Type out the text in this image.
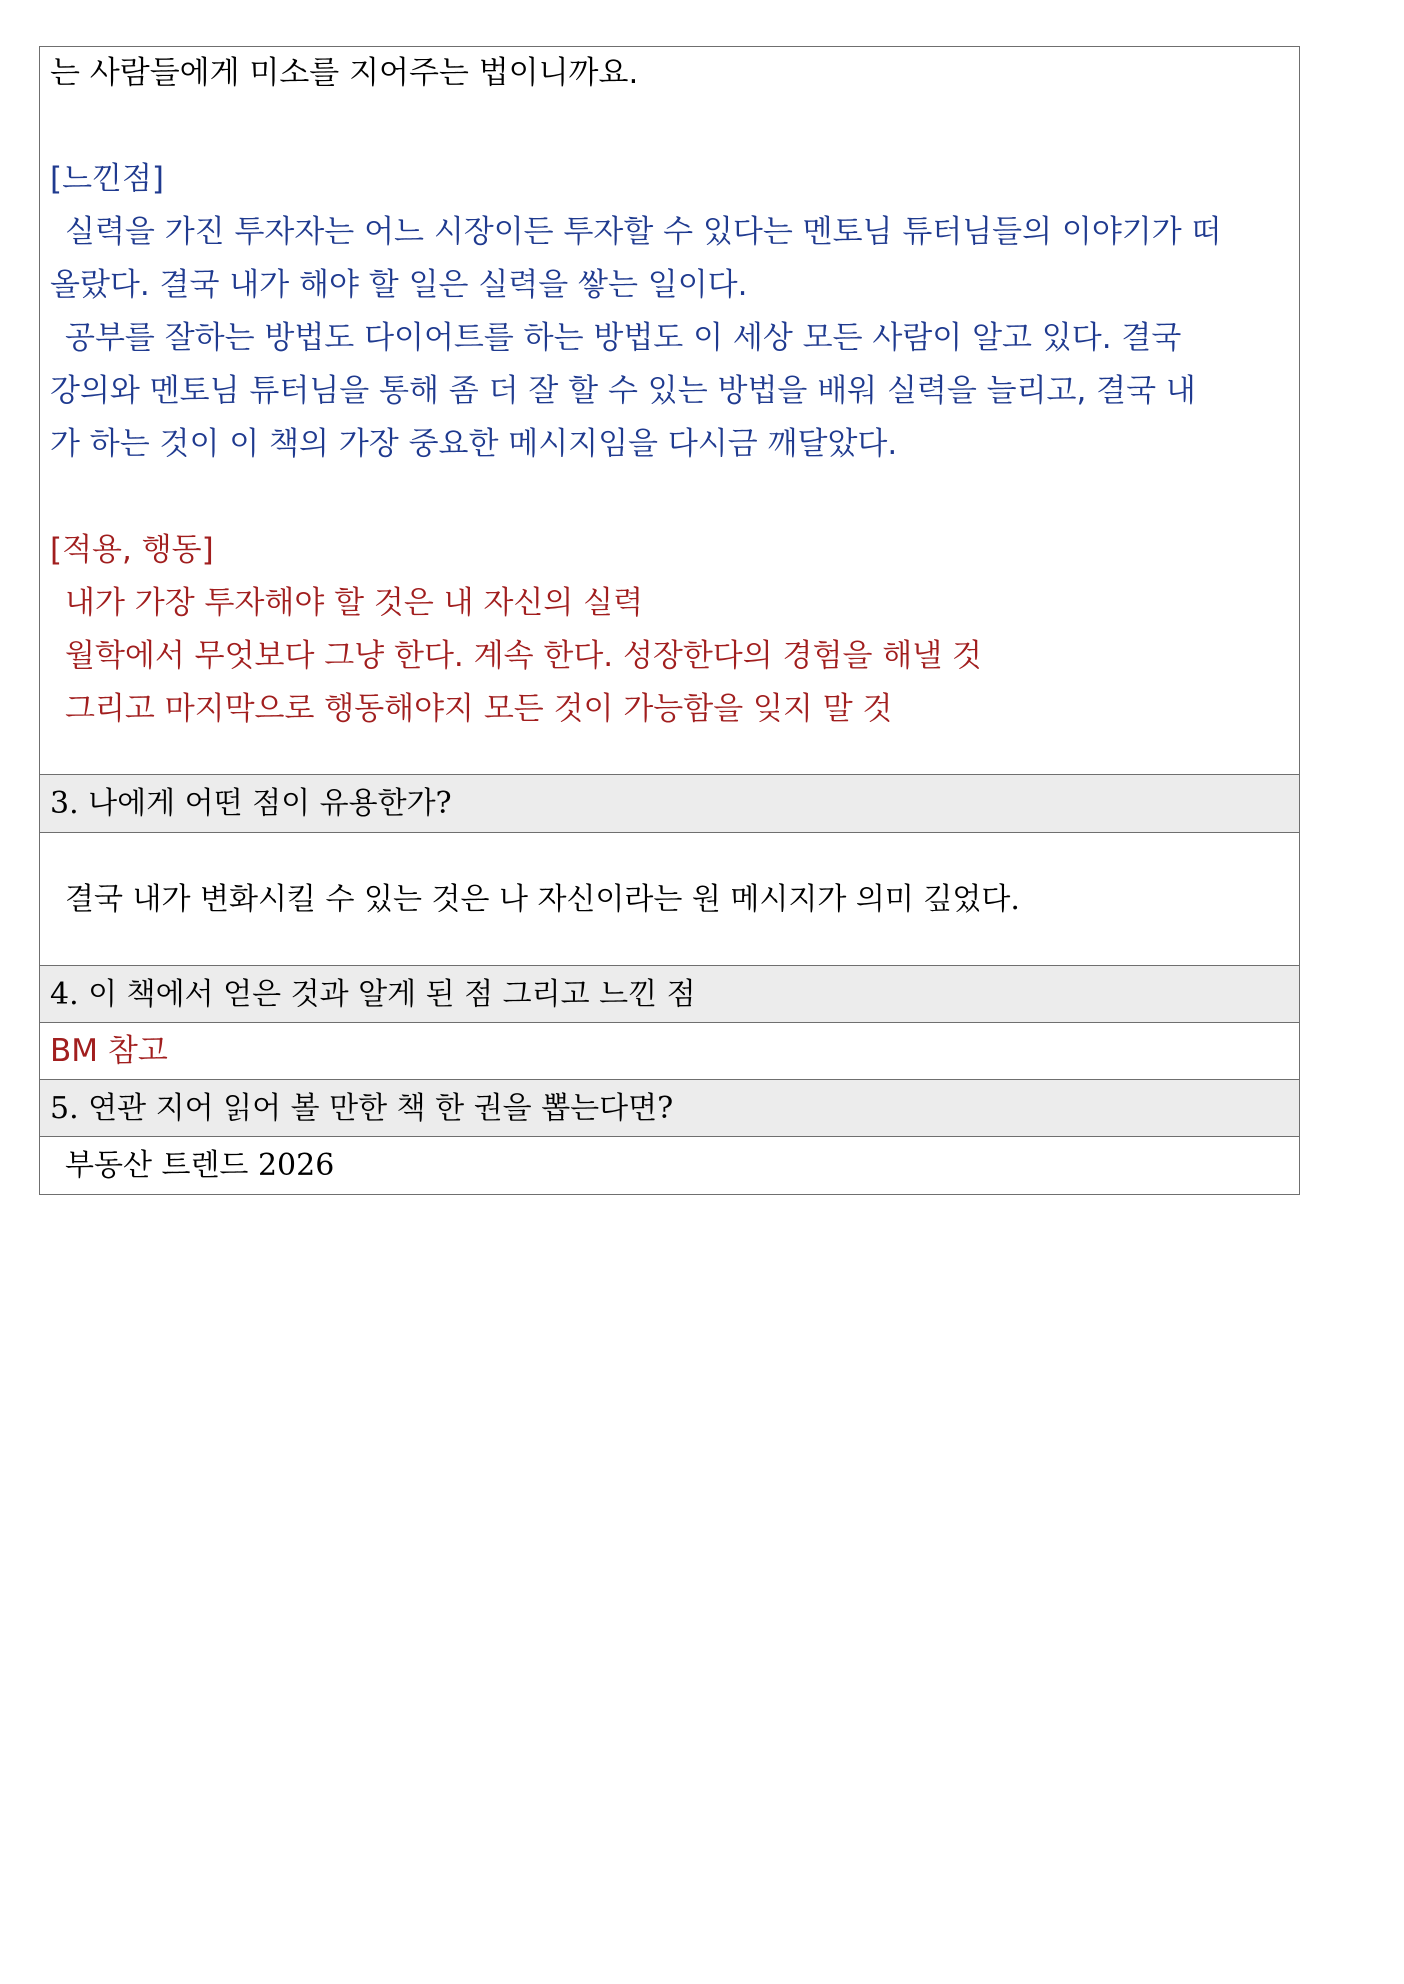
는 사람들에게 미소를 지어주는 법이니까요.

[느낀점]

실력을 가진 투자자는 어느 시장이든 투자할 수 있다는 멘토님 튜터님들의 이야기가 떠

올랐다. 결국 내가 해야 할 일은 실력을 쌓는 일이다.

공부를 잘하는 방법도 다이어트를 하는 방법도 이 세상 모든 사람이 알고 있다. 결국

강의와 멘토님 튜터님을 통해 좀 더 잘 할 수 있는 방법을 배워 실력을 늘리고, 결국 내

가 하는 것이 이 책의 가장 중요한 메시지임을 다시금 깨달았다.

[적용, 행동]

내가 가장 투자해야 할 것은 내 자신의 실력

월학에서 무엇보다 그냥 한다. 계속 한다. 성장한다의 경험을 해낼 것

그리고 마지막으로 행동해야지 모든 것이 가능함을 잊지 말 것

3. 나에게 어떤 점이 유용한가?

결국 내가 변화시킬 수 있는 것은 나 자신이라는 원 메시지가 의미 깊었다.

4. 이 책에서 얻은 것과 알게 된 점 그리고 느낀 점

BM 참고

5. 연관 지어 읽어 볼 만한 책 한 권을 뽑는다면?

부동산 트렌드 2026
